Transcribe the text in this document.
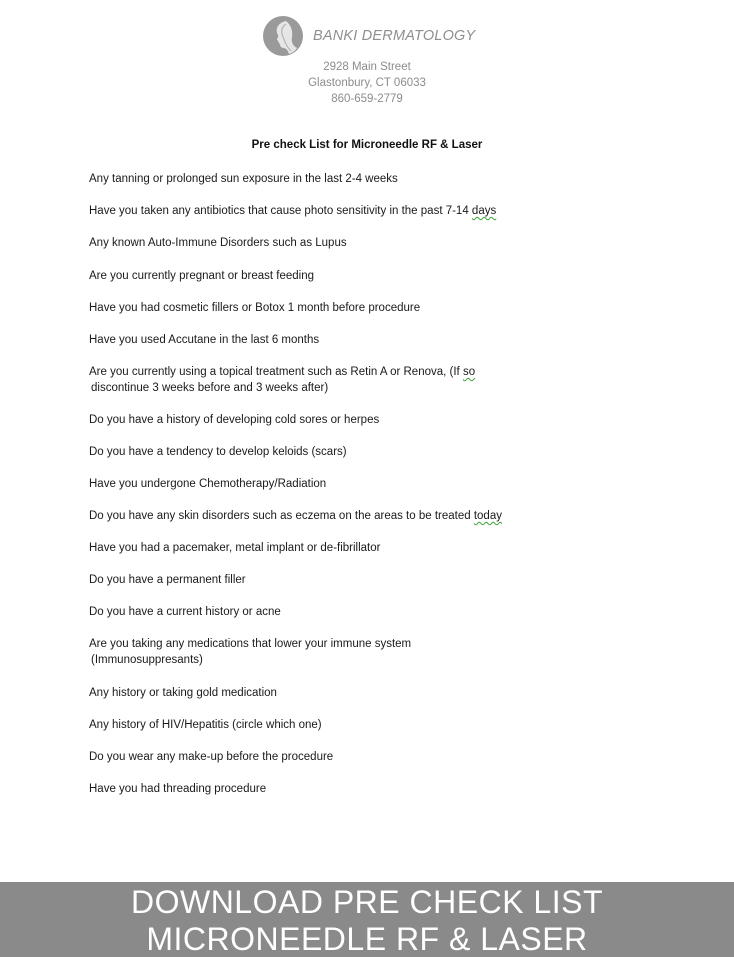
BANKI DERMATOLOGY
2928 Main Street
Glastonbury, CT 06033
860-659-2779
Pre check List for Microneedle RF & Laser
Any tanning or prolonged sun exposure in the last 2-4 weeks
Have you taken any antibiotics that cause photo sensitivity in the past 7-14 days
Any known Auto-Immune Disorders such as Lupus
Are you currently pregnant or breast feeding
Have you had cosmetic fillers or Botox 1 month before procedure
Have you used Accutane in the last 6 months
Are you currently using a topical treatment such as Retin A or Renova, (If so
discontinue 3 weeks before and 3 weeks after)
Do you have a history of developing cold sores or herpes
Do you have a tendency to develop keloids (scars)
Have you undergone Chemotherapy/Radiation
Do you have any skin disorders such as eczema on the areas to be treated today
Have you had a pacemaker, metal implant or de-fibrillator
Do you have a permanent filler
Do you have a current history or acne
Are you taking any medications that lower your immune system
(Immunosuppresants)
Any history or taking gold medication
Any history of HIV/Hepatitis (circle which one)
Do you wear any make-up before the procedure
Have you had threading procedure
DOWNLOAD PRE CHECK LIST
MICRONEEDLE RF & LASER
